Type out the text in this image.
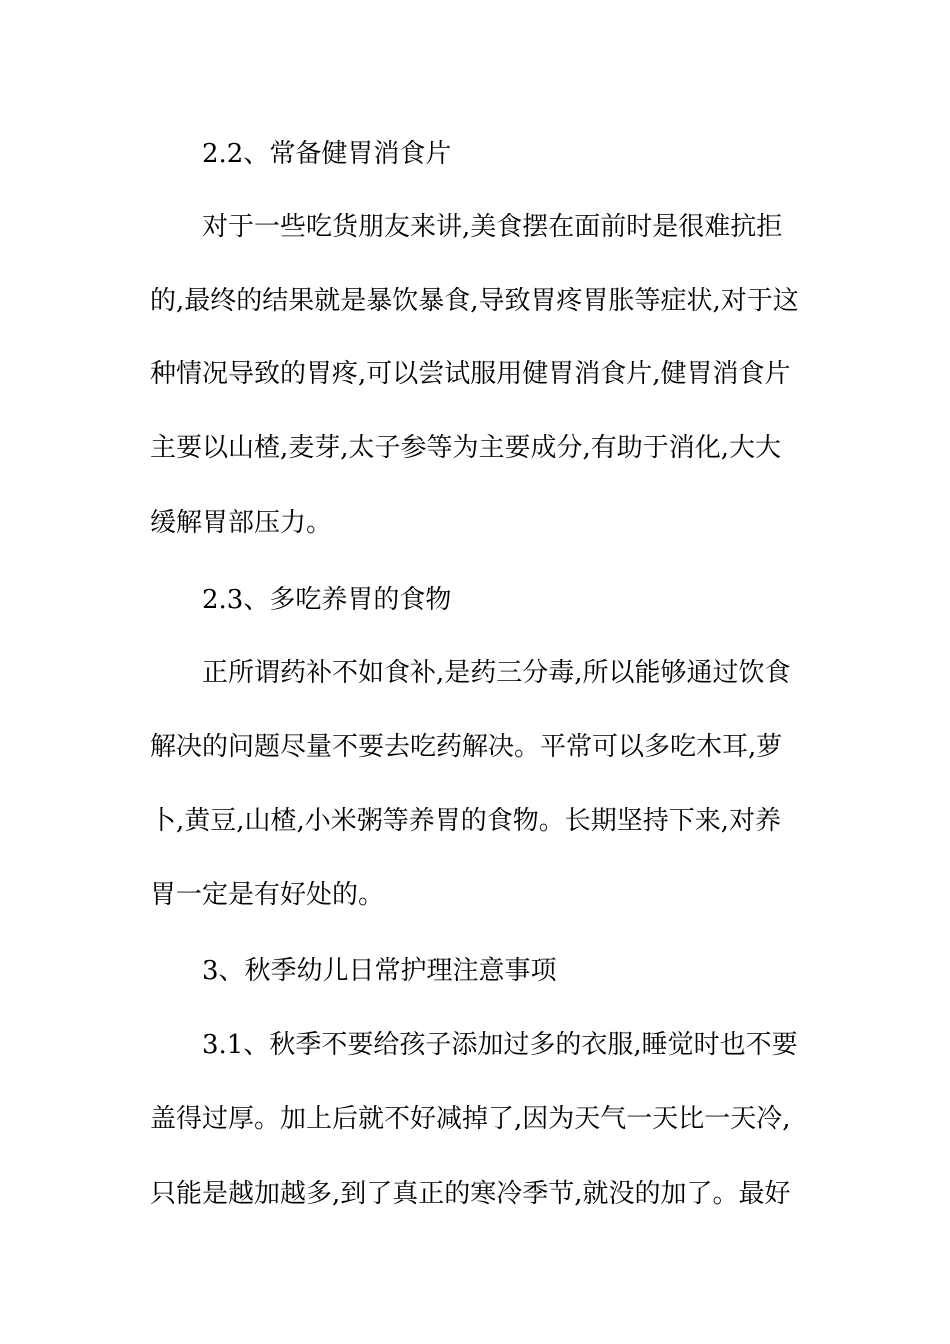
2.2、常备健胃消食片
对于一些吃货朋友来讲,美食摆在面前时是很难抗拒
的,最终的结果就是暴饮暴食,导致胃疼胃胀等症状,对于这
种情况导致的胃疼,可以尝试服用健胃消食片,健胃消食片
主要以山楂,麦芽,太子参等为主要成分,有助于消化,大大
缓解胃部压力。
2.3、多吃养胃的食物
正所谓药补不如食补,是药三分毒,所以能够通过饮食
解决的问题尽量不要去吃药解决。平常可以多吃木耳,萝
卜,黄豆,山楂,小米粥等养胃的食物。长期坚持下来,对养
胃一定是有好处的。
3、秋季幼儿日常护理注意事项
3.1、秋季不要给孩子添加过多的衣服,睡觉时也不要
盖得过厚。加上后就不好减掉了,因为天气一天比一天冷,
只能是越加越多,到了真正的寒冷季节,就没的加了。最好
